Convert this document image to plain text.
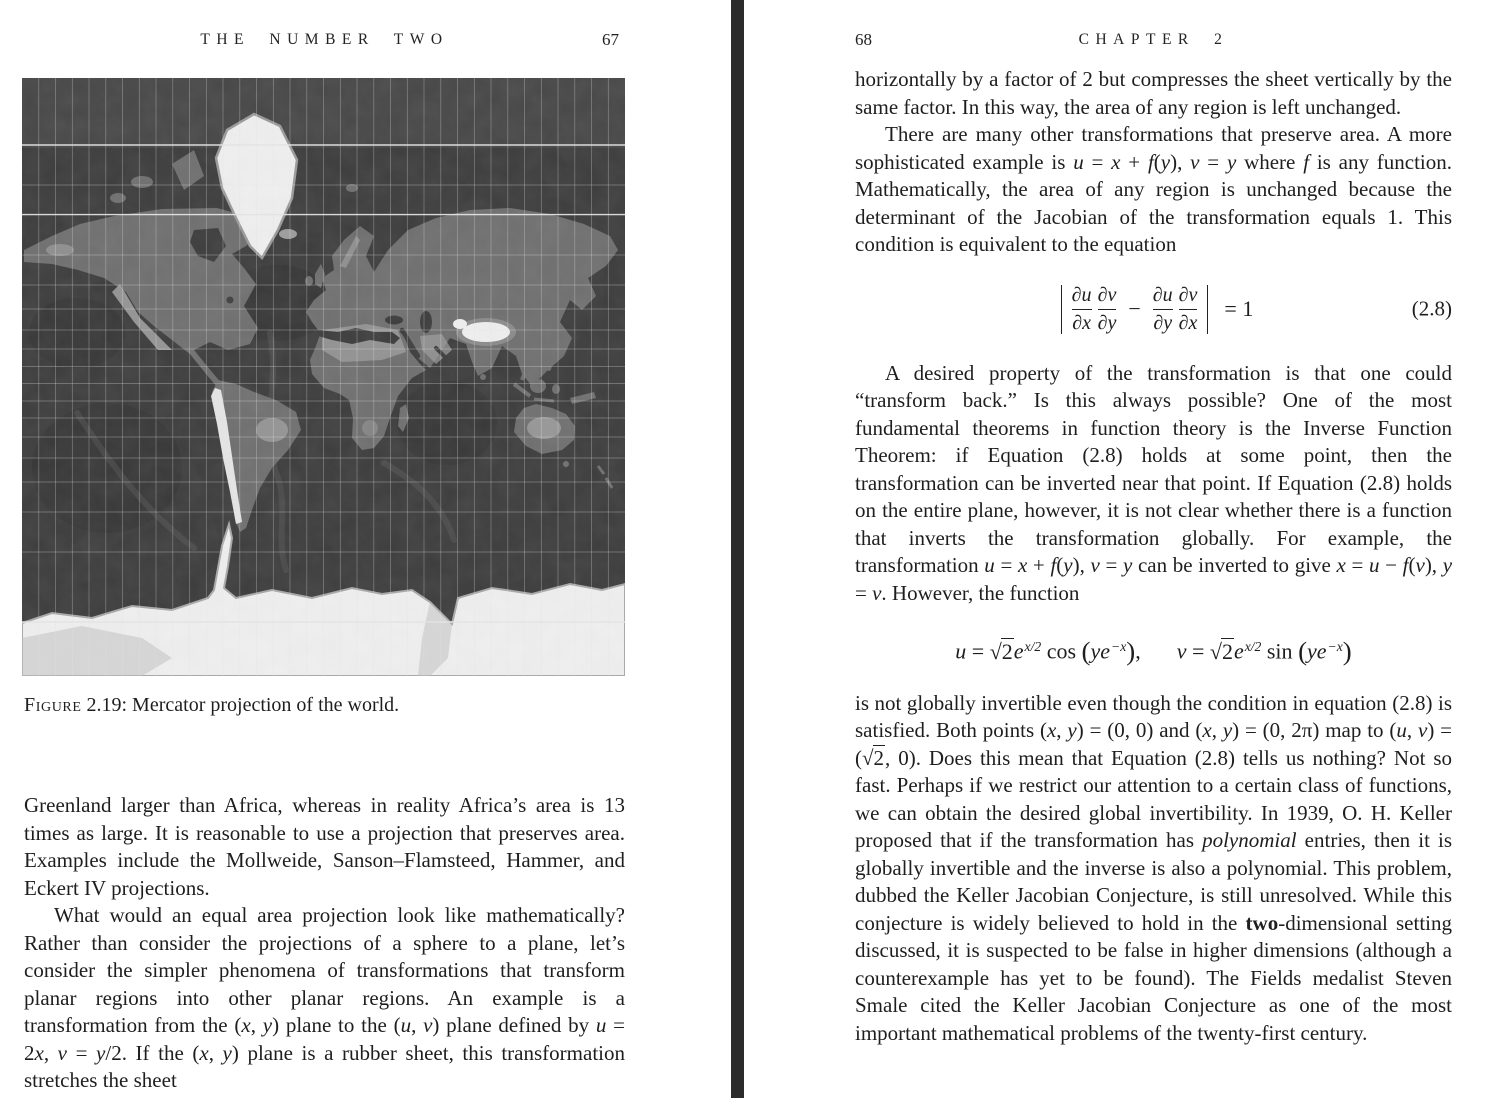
THE NUMBER TWO	67
Figure 2.19: Mercator projection of the world.

Greenland larger than Africa, whereas in reality Africa’s area is 13 times as large. It is reasonable to use a projection that preserves area. Examples include the Mollweide, Sanson–Flamsteed, Hammer, and Eckert IV projections.

What would an equal area projection look like mathematically? Rather than consider the projections of a sphere to a plane, let’s consider the simpler phenomena of transformations that transform planar regions into other planar regions. An example is a transformation from the (x, y) plane to the (u, v) plane defined by u = 2x, v = y/2. If the (x, y) plane is a rubber sheet, this transformation stretches the sheet

68	CHAPTER 2

horizontally by a factor of 2 but compresses the sheet vertically by the same factor. In this way, the area of any region is left unchanged.

There are many other transformations that preserve area. A more sophisticated example is u = x + f(y), v = y where f is any function. Mathematically, the area of any region is unchanged because the determinant of the Jacobian of the transformation equals 1. This condition is equivalent to the equation

$\frac{\partial u}{\partial x} \frac{\partial v}{\partial y} - \frac{\partial u}{\partial y} \frac{\partial v}{\partial x} = 1$	(2.8)

A desired property of the transformation is that one could “transform back.” Is this always possible? One of the most fundamental theorems in function theory is the Inverse Function Theorem: if Equation (2.8) holds at some point, then the transformation can be inverted near that point. If Equation (2.8) holds on the entire plane, however, it is not clear whether there is a function that inverts the transformation globally. For example, the transformation u = x + f(y), v = y can be inverted to give x = u − f(v), y = v. However, the function

$u = √2e^{x/2}$ $\cos (ye^{-x})$, $v = √2e^{x/2}$ $\sin (ye^{-x})$

is not globally invertible even though the condition in equation (2.8) is satisfied. Both points (x, y) = (0, 0) and (x, y) = (0, 2π) map to (u, v) = (√2, 0). Does this mean that Equation (2.8) tells us nothing? Not so fast. Perhaps if we restrict our attention to a certain class of functions, we can obtain the desired global invertibility. In 1939, O. H. Keller proposed that if the transformation has polynomial entries, then it is globally invertible and the inverse is also a polynomial. This problem, dubbed the Keller Jacobian Conjecture, is still unresolved. While this conjecture is widely believed to hold in the two-dimensional setting discussed, it is suspected to be false in higher dimensions (although a counterexample has yet to be found). The Fields medalist Steven Smale cited the Keller Jacobian Conjecture as one of the most important mathematical problems of the twenty-first century.
